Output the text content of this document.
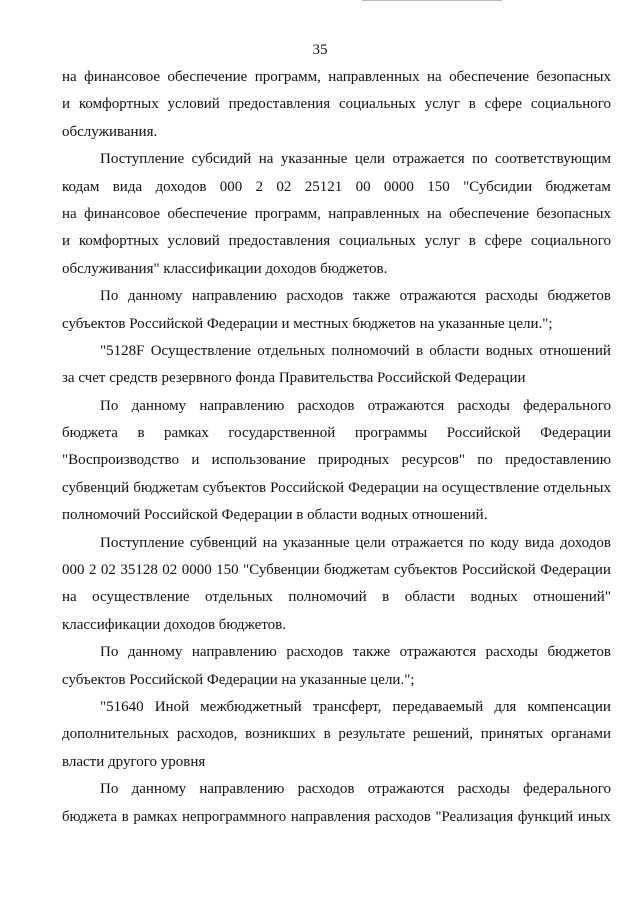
35
на финансовое обеспечение программ, направленных на обеспечение безопасных
и комфортных условий предоставления социальных услуг в сфере социального
обслуживания.
Поступление субсидий на указанные цели отражается по соответствующим
кодам вида доходов 000 2 02 25121 00 0000 150 "Субсидии бюджетам
на финансовое обеспечение программ, направленных на обеспечение безопасных
и комфортных условий предоставления социальных услуг в сфере социального
обслуживания" классификации доходов бюджетов.
По данному направлению расходов также отражаются расходы бюджетов
субъектов Российской Федерации и местных бюджетов на указанные цели.";
"5128F Осуществление отдельных полномочий в области водных отношений
за счет средств резервного фонда Правительства Российской Федерации
По данному направлению расходов отражаются расходы федерального
бюджета в рамках государственной программы Российской Федерации
"Воспроизводство и использование природных ресурсов" по предоставлению
субвенций бюджетам субъектов Российской Федерации на осуществление отдельных
полномочий Российской Федерации в области водных отношений.
Поступление субвенций на указанные цели отражается по коду вида доходов
000 2 02 35128 02 0000 150 "Субвенции бюджетам субъектов Российской Федерации
на осуществление отдельных полномочий в области водных отношений"
классификации доходов бюджетов.
По данному направлению расходов также отражаются расходы бюджетов
субъектов Российской Федерации на указанные цели.";
"51640 Иной межбюджетный трансферт, передаваемый для компенсации
дополнительных расходов, возникших в результате решений, принятых органами
власти другого уровня
По данному направлению расходов отражаются расходы федерального
бюджета в рамках непрограммного направления расходов "Реализация функций иных
